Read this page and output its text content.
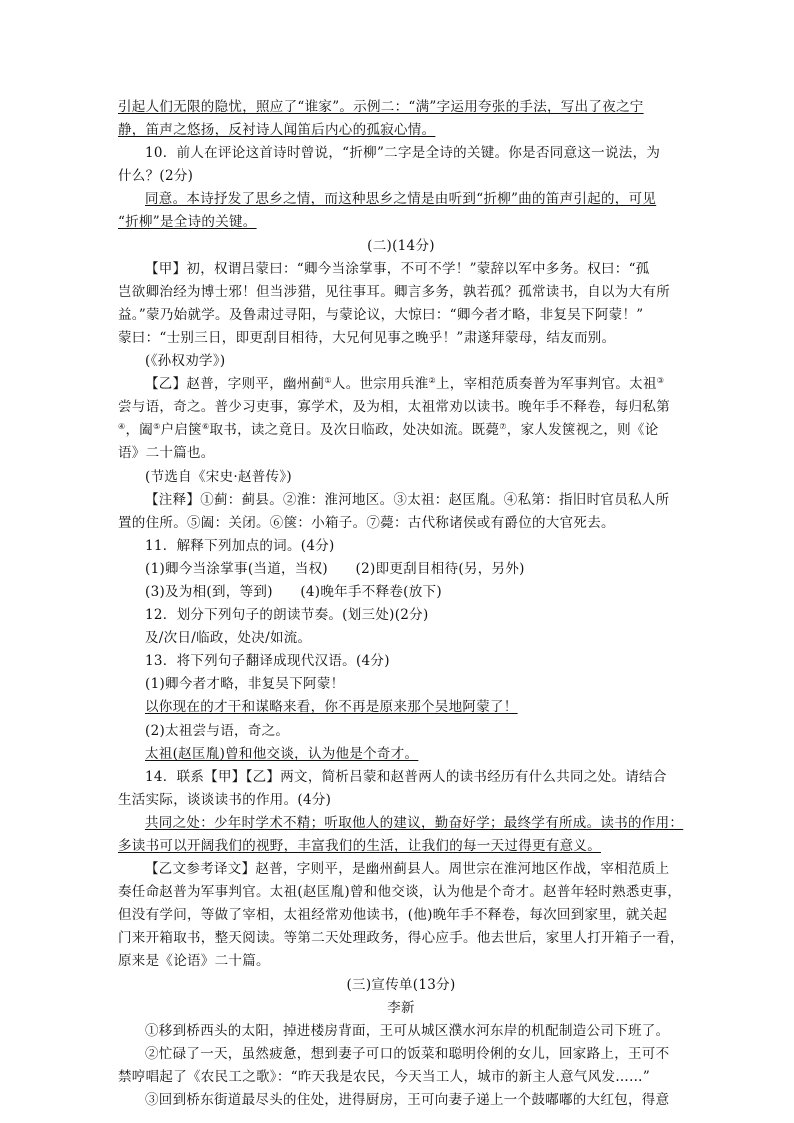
引起人们无限的隐忧，照应了“谁家”。示例二：“满”字运用夸张的手法，写出了夜之宁
静，笛声之悠扬，反衬诗人闻笛后内心的孤寂心情。
10．前人在评论这首诗时曾说，“折柳”二字是全诗的关键。你是否同意这一说法，为
什么？(2分)
同意。本诗抒发了思乡之情，而这种思乡之情是由听到“折柳”曲的笛声引起的，可见
“折柳”是全诗的关键。
(二)(14分)
【甲】初，权谓吕蒙曰：“卿今当涂掌事，不可不学！”蒙辞以军中多务。权曰：“孤
岂欲卿治经为博士邪！但当涉猎，见往事耳。卿言多务，孰若孤？孤常读书，自以为大有所
益。”蒙乃始就学。及鲁肃过寻阳，与蒙论议，大惊曰：“卿今者才略，非复吴下阿蒙！”
蒙曰：“士别三日，即更刮目相待，大兄何见事之晚乎！”肃遂拜蒙母，结友而别。
(《孙权劝学》)
【乙】赵普，字则平，幽州蓟①人。世宗用兵淮②上，宰相范质奏普为军事判官。太祖③
尝与语，奇之。普少习吏事，寡学术，及为相，太祖常劝以读书。晚年手不释卷，每归私第
④，阖⑤户启箧⑥取书，读之竟日。及次日临政，处决如流。既薨⑦，家人发箧视之，则《论
语》二十篇也。
(节选自《宋史·赵普传》)
【注释】①蓟：蓟县。②淮：淮河地区。③太祖：赵匡胤。④私第：指旧时官员私人所
置的住所。⑤阖：关闭。⑥箧：小箱子。⑦薨：古代称诸侯或有爵位的大官死去。
11．解释下列加点的词。(4分)
(1)卿今当涂掌事(当道，当权)　　(2)即更刮目相待(另，另外)
(3)及为相(到，等到)　　(4)晚年手不释卷(放下)
12．划分下列句子的朗读节奏。(划三处)(2分)
及/次日/临政，处决/如流。
13．将下列句子翻译成现代汉语。(4分)
(1)卿今者才略，非复吴下阿蒙！
以你现在的才干和谋略来看，你不再是原来那个吴地阿蒙了！
(2)太祖尝与语，奇之。
太祖(赵匡胤)曾和他交谈，认为他是个奇才。
14．联系【甲】【乙】两文，简析吕蒙和赵普两人的读书经历有什么共同之处。请结合
生活实际，谈谈读书的作用。(4分)
共同之处：少年时学术不精；听取他人的建议，勤奋好学；最终学有所成。读书的作用：
多读书可以开阔我们的视野，丰富我们的生活，让我们的每一天过得更有意义。
【乙文参考译文】赵普，字则平，是幽州蓟县人。周世宗在淮河地区作战，宰相范质上
奏任命赵普为军事判官。太祖(赵匡胤)曾和他交谈，认为他是个奇才。赵普年轻时熟悉吏事，
但没有学问，等做了宰相，太祖经常劝他读书，(他)晚年手不释卷，每次回到家里，就关起
门来开箱取书，整天阅读。等第二天处理政务，得心应手。他去世后，家里人打开箱子一看，
原来是《论语》二十篇。
(三)宣传单(13分)
李新
①移到桥西头的太阳，掉进楼房背面，王可从城区濮水河东岸的机配制造公司下班了。
②忙碌了一天，虽然疲惫，想到妻子可口的饭菜和聪明伶俐的女儿，回家路上，王可不
禁哼唱起了《农民工之歌》：“昨天我是农民，今天当工人，城市的新主人意气风发……”
③回到桥东街道最尽头的住处，进得厨房，王可向妻子递上一个鼓嘟嘟的大红包，得意
